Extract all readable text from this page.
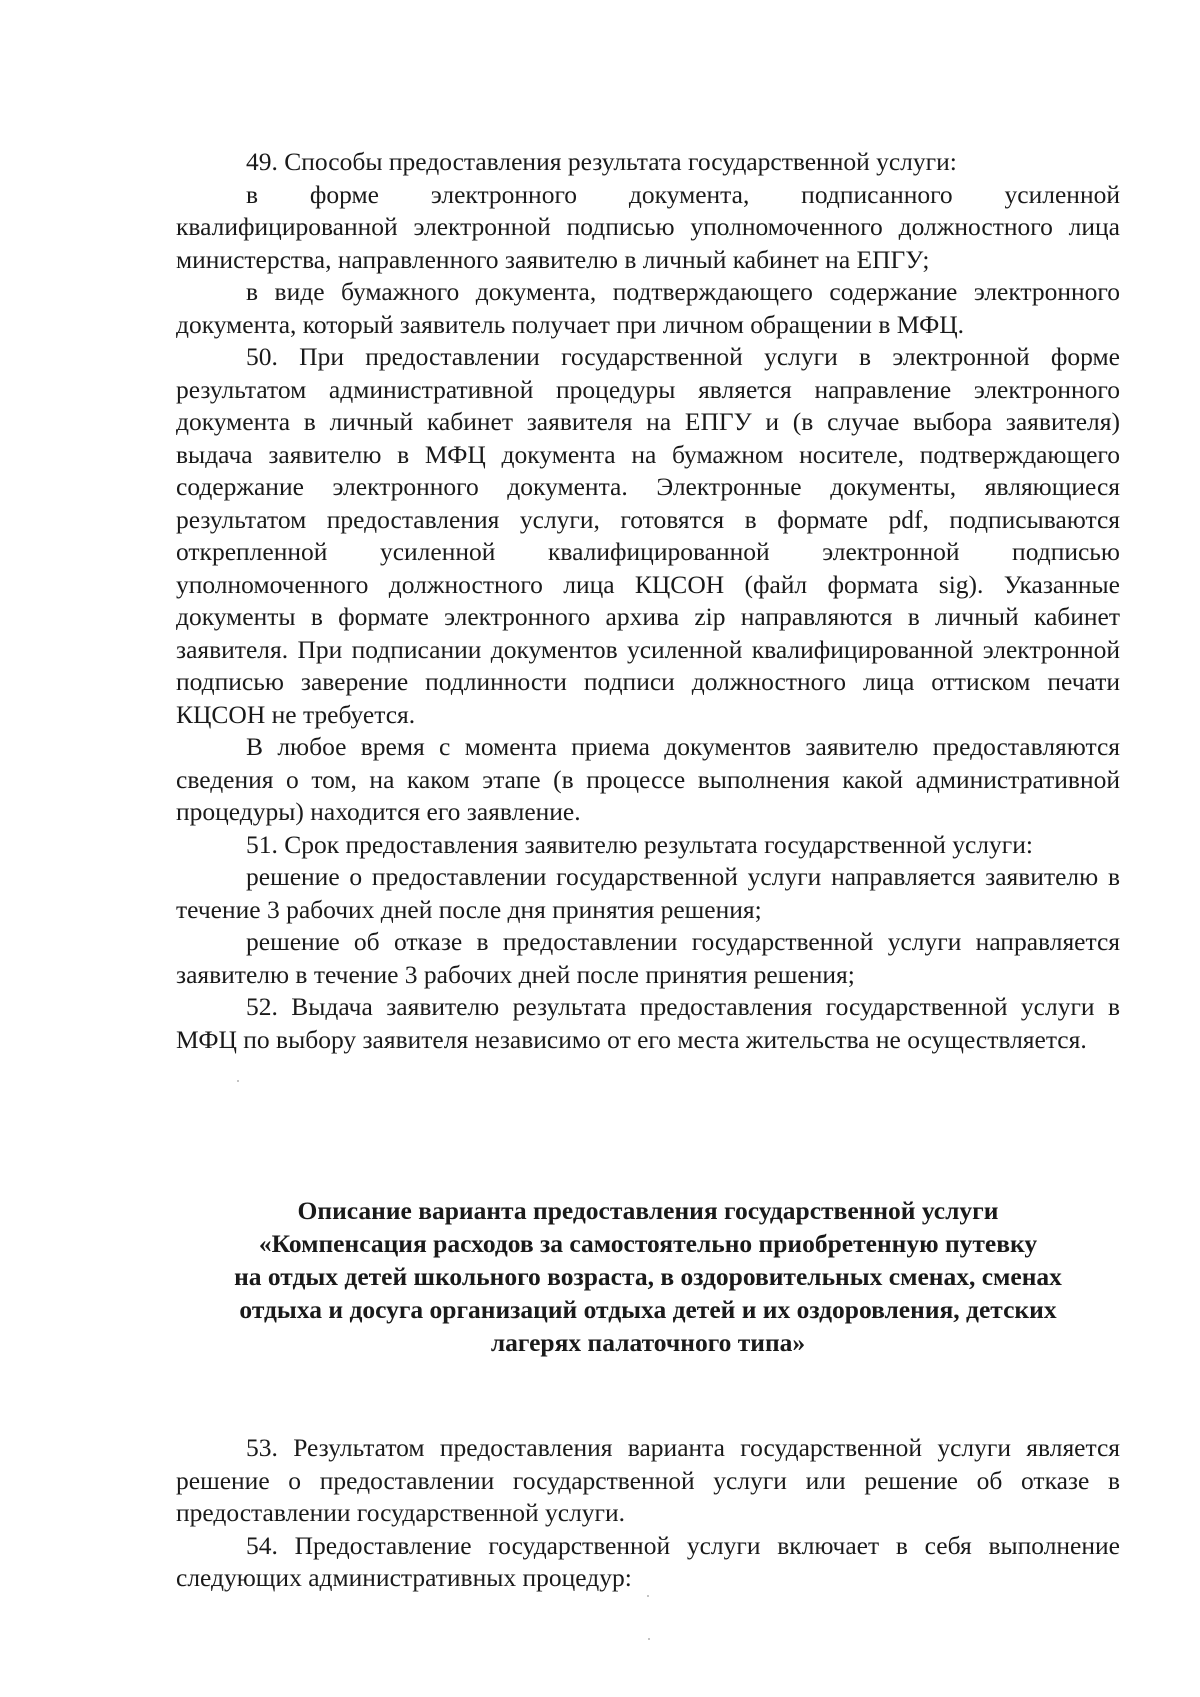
49. Способы предоставления результата государственной услуги:

в форме электронного документа, подписанного усиленной квалифицированной электронной подписью уполномоченного должностного лица министерства, направленного заявителю в личный кабинет на ЕПГУ;

в виде бумажного документа, подтверждающего содержание электронного документа, который заявитель получает при личном обращении в МФЦ.

50. При предоставлении государственной услуги в электронной форме результатом административной процедуры является направление электронного документа в личный кабинет заявителя на ЕПГУ и (в случае выбора заявителя) выдача заявителю в МФЦ документа на бумажном носителе, подтверждающего содержание электронного документа. Электронные документы, являющиеся результатом предоставления услуги, готовятся в формате pdf, подписываются открепленной усиленной квалифицированной электронной подписью уполномоченного должностного лица КЦСОН (файл формата sig). Указанные документы в формате электронного архива zip направляются в личный кабинет заявителя. При подписании документов усиленной квалифицированной электронной подписью заверение подлинности подписи должностного лица оттиском печати КЦСОН не требуется.

В любое время с момента приема документов заявителю предоставляются сведения о том, на каком этапе (в процессе выполнения какой административной процедуры) находится его заявление.

51. Срок предоставления заявителю результата государственной услуги:

решение о предоставлении государственной услуги направляется заявителю в течение 3 рабочих дней после дня принятия решения;

решение об отказе в предоставлении государственной услуги направляется заявителю в течение 3 рабочих дней после принятия решения;

52. Выдача заявителю результата предоставления государственной услуги в МФЦ по выбору заявителя независимо от его места жительства не осуществляется.

Описание варианта предоставления государственной услуги

«Компенсация расходов за самостоятельно приобретенную путевку

на отдых детей школьного возраста, в оздоровительных сменах, сменах

отдыха и досуга организаций отдыха детей и их оздоровления, детских

лагерях палаточного типа»

53. Результатом предоставления варианта государственной услуги является решение о предоставлении государственной услуги или решение об отказе в предоставлении государственной услуги.

54. Предоставление государственной услуги включает в себя выполнение следующих административных процедур:
